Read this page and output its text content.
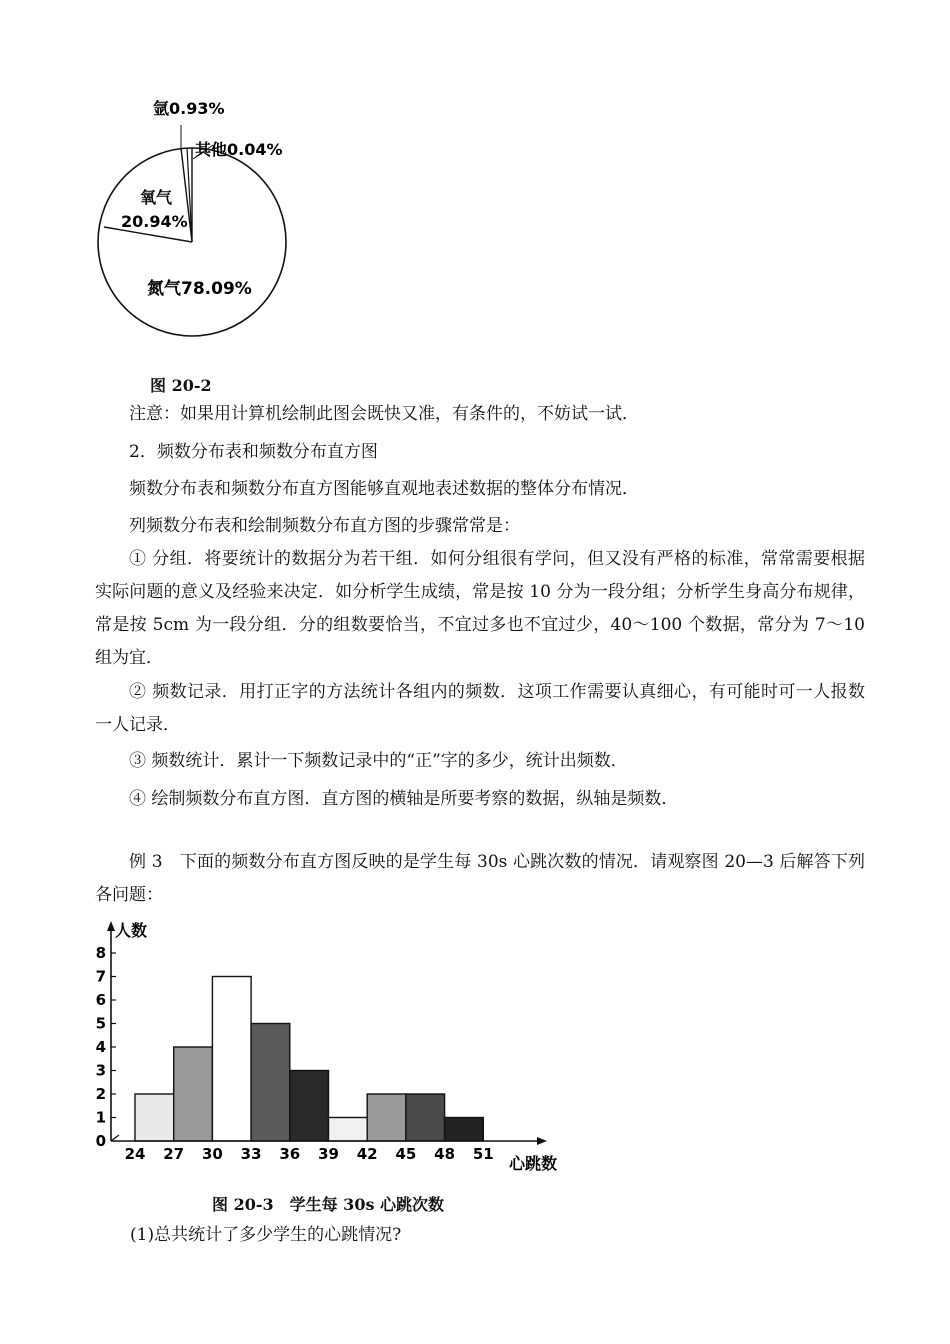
氩0.93%
其他0.04%
氧气
20.94%
氮气78.09%
图 20-2
注意：如果用计算机绘制此图会既快又准，有条件的，不妨试一试．
2．频数分布表和频数分布直方图
频数分布表和频数分布直方图能够直观地表述数据的整体分布情况．
列频数分布表和绘制频数分布直方图的步骤常常是：
① 分组．将要统计的数据分为若干组．如何分组很有学问，但又没有严格的标准，常常需要根据实际问题的意义及经验来决定．如分析学生成绩，常是按 10 分为一段分组；分析学生身高分布规律，常是按 5cm 为一段分组．分的组数要恰当，不宜过多也不宜过少，40～100 个数据，常分为 7～10 组为宜．
② 频数记录．用打正字的方法统计各组内的频数．这项工作需要认真细心，有可能时可一人报数一人记录．
③ 频数统计．累计一下频数记录中的“正”字的多少，统计出频数．
④ 绘制频数分布直方图．直方图的横轴是所要考察的数据，纵轴是频数．
例 3　下面的频数分布直方图反映的是学生每 30s 心跳次数的情况．请观察图 20—3 后解答下列各问题：
0
1
2
3
4
5
6
7
8
24 27 30 33 36 39 42 45 48 51
人数
心跳数
图 20-3　学生每 30s 心跳次数
(1)总共统计了多少学生的心跳情况?
